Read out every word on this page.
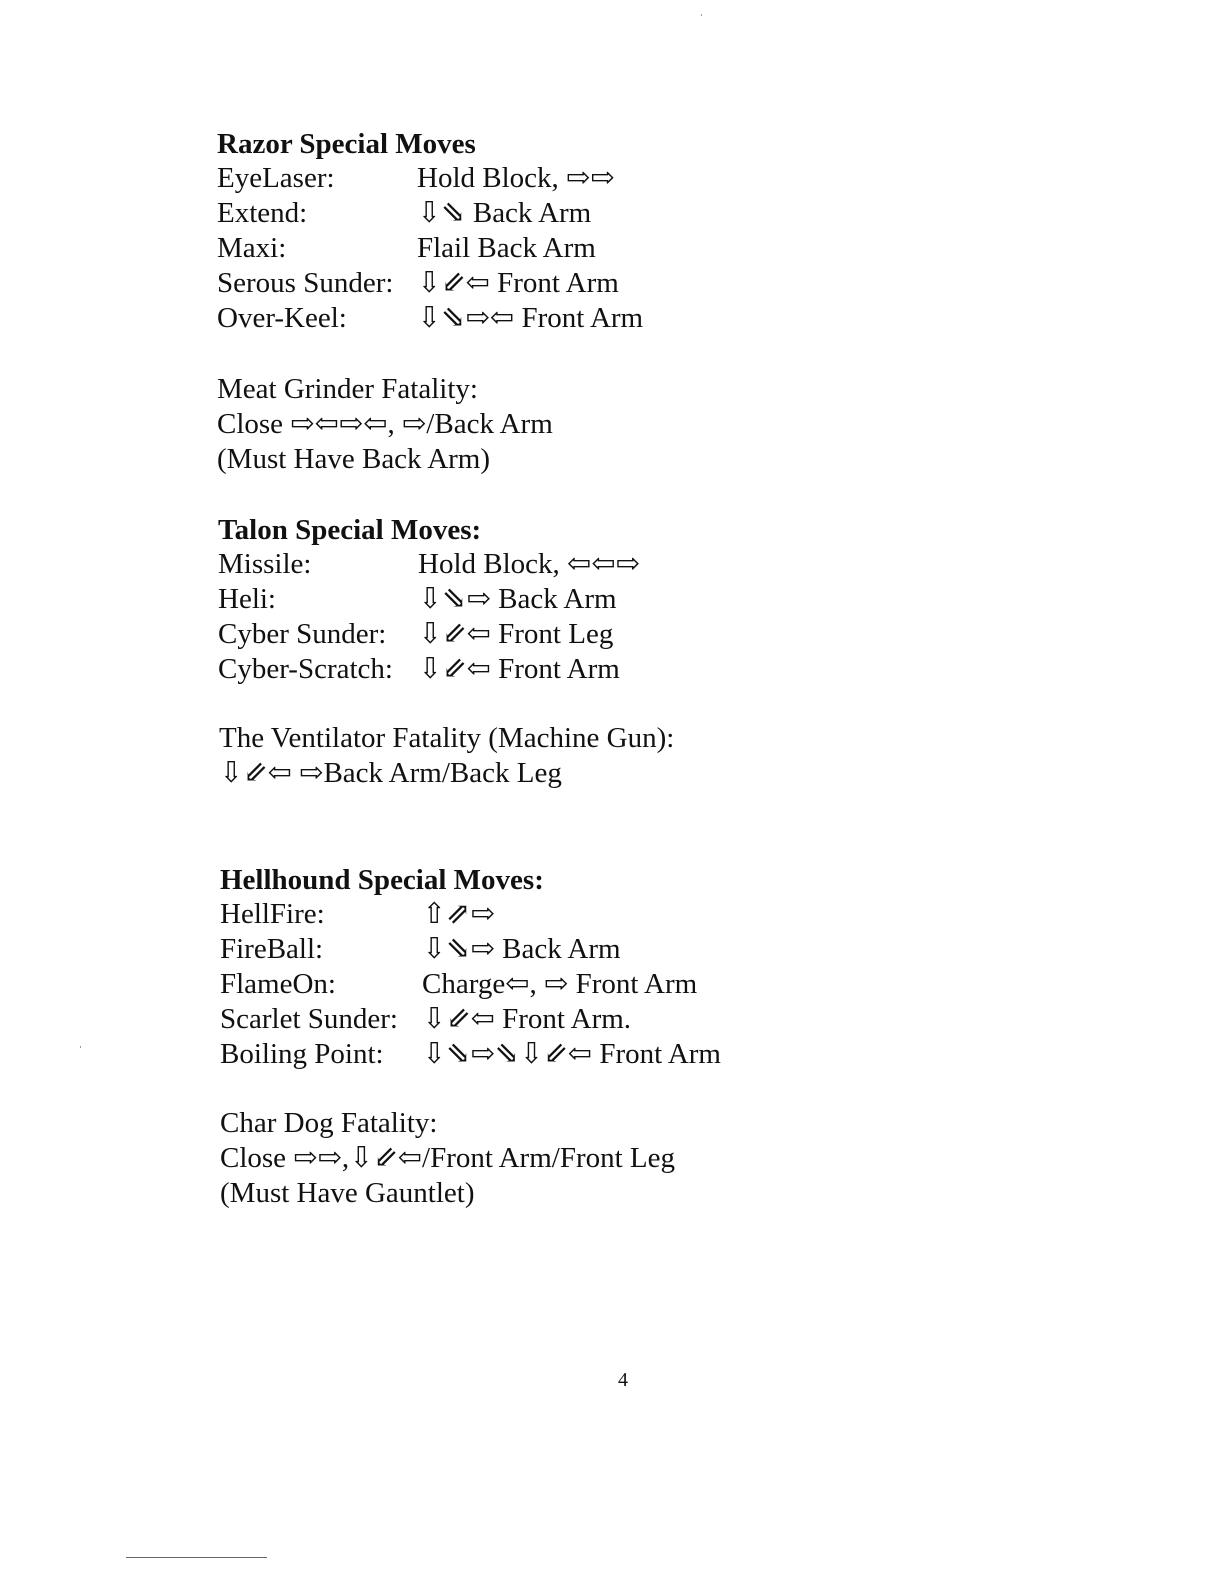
Razor Special Moves
EyeLaser:	Hold Block, ⇨⇨
Extend:	⇩⇘ Back Arm
Maxi:	Flail Back Arm
Serous Sunder: ⇩⇙⇦ Front Arm
Over-Keel: ⇩⇘⇨⇦ Front Arm
Meat Grinder Fatality:
Close ⇨⇦⇨⇦, ⇨/Back Arm
(Must Have Back Arm)
Talon Special Moves:
Missile:	Hold Block, ⇦⇦⇨
Heli:	⇩⇘⇨ Back Arm
Cyber Sunder: ⇩⇙⇦ Front Leg
Cyber-Scratch: ⇩⇙⇦ Front Arm
The Ventilator Fatality (Machine Gun):
⇩⇙⇦ ⇨Back Arm/Back Leg
Hellhound Special Moves:
HellFire:	⇧⇗⇨
FireBall:	⇩⇘⇨ Back Arm
FlameOn:	Charge⇦, ⇨ Front Arm
Scarlet Sunder: ⇩⇙⇦ Front Arm.
Boiling Point: ⇩⇘⇨⇘⇩⇙⇦ Front Arm
Char Dog Fatality:
Close ⇨⇨,⇩⇙⇦/Front Arm/Front Leg
(Must Have Gauntlet)
4
